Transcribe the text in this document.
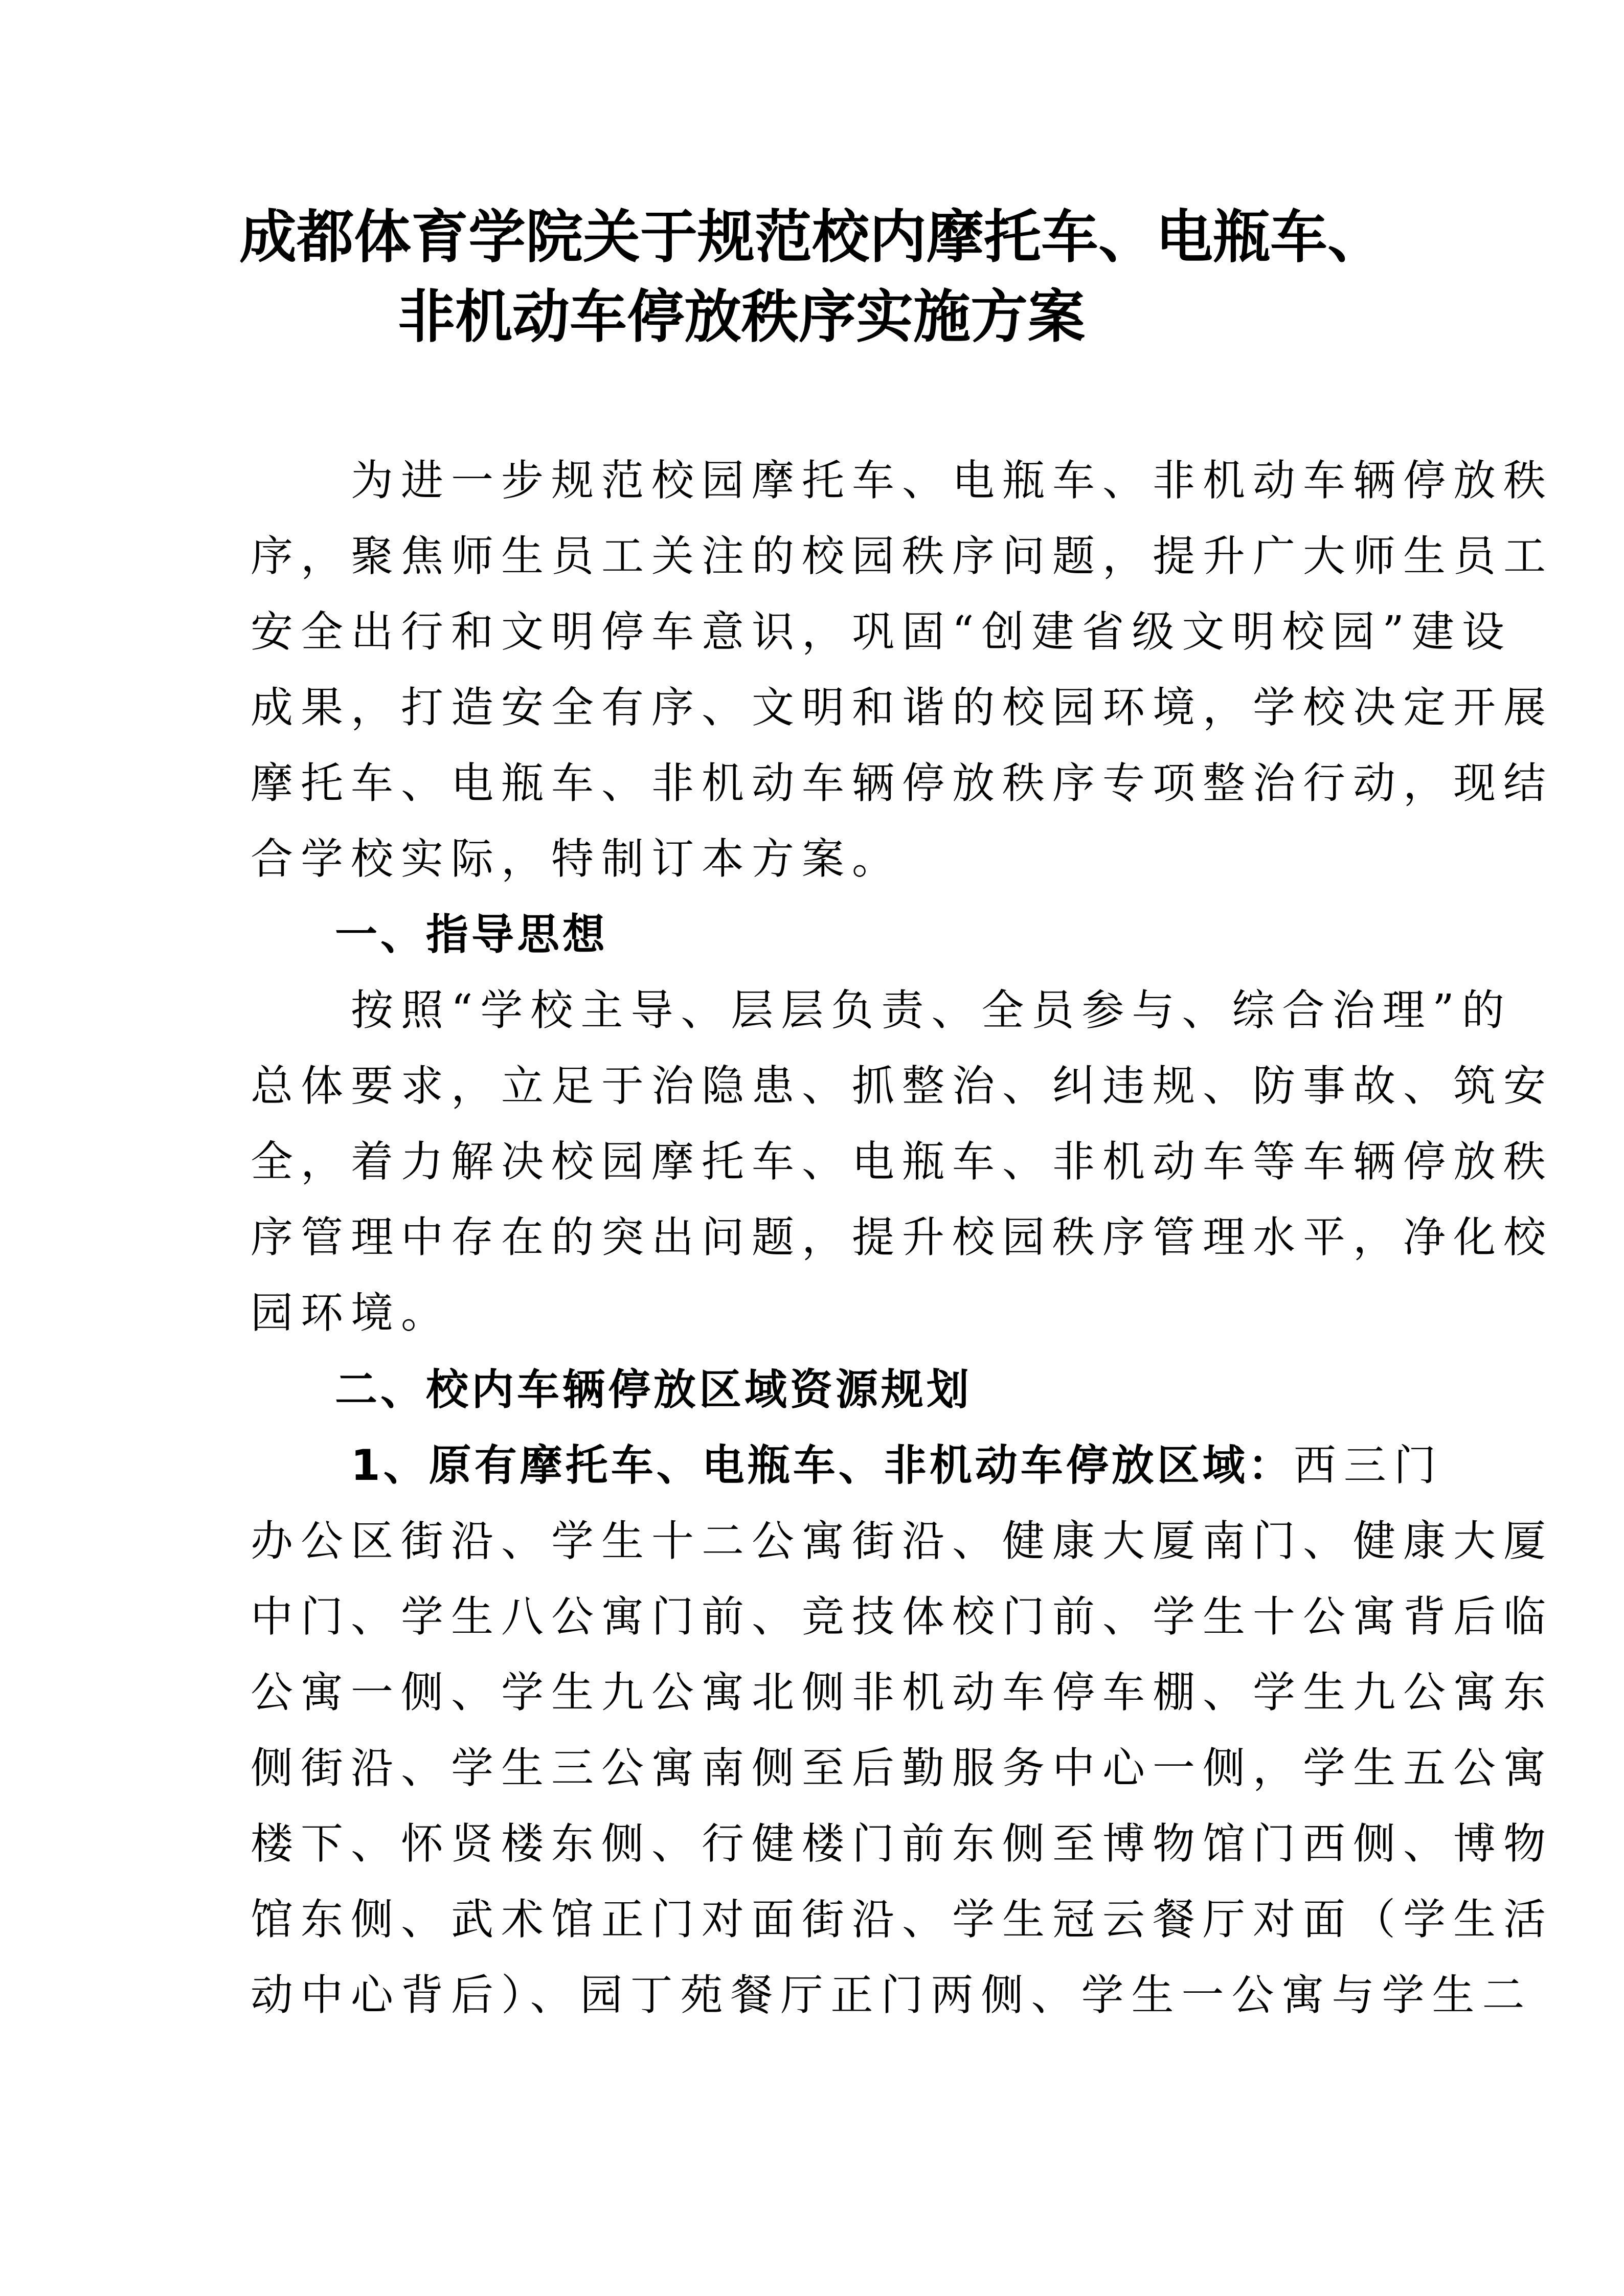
成都体育学院关于规范校内摩托车、电瓶车、
非机动车停放秩序实施方案
　　为进一步规范校园摩托车、电瓶车、非机动车辆停放秩
序，聚焦师生员工关注的校园秩序问题，提升广大师生员工
安全出行和文明停车意识，巩固“创建省级文明校园”建设
成果，打造安全有序、文明和谐的校园环境，学校决定开展
摩托车、电瓶车、非机动车辆停放秩序专项整治行动，现结
合学校实际，特制订本方案。
一、指导思想
　　按照“学校主导、层层负责、全员参与、综合治理”的
总体要求，立足于治隐患、抓整治、纠违规、防事故、筑安
全，着力解决校园摩托车、电瓶车、非机动车等车辆停放秩
序管理中存在的突出问题，提升校园秩序管理水平，净化校
园环境。
二、校内车辆停放区域资源规划
　　1、原有摩托车、电瓶车、非机动车停放区域：西三门
办公区街沿、学生十二公寓街沿、健康大厦南门、健康大厦
中门、学生八公寓门前、竞技体校门前、学生十公寓背后临
公寓一侧、学生九公寓北侧非机动车停车棚、学生九公寓东
侧街沿、学生三公寓南侧至后勤服务中心一侧，学生五公寓
楼下、怀贤楼东侧、行健楼门前东侧至博物馆门西侧、博物
馆东侧、武术馆正门对面街沿、学生冠云餐厅对面（学生活
动中心背后）、园丁苑餐厅正门两侧、学生一公寓与学生二
